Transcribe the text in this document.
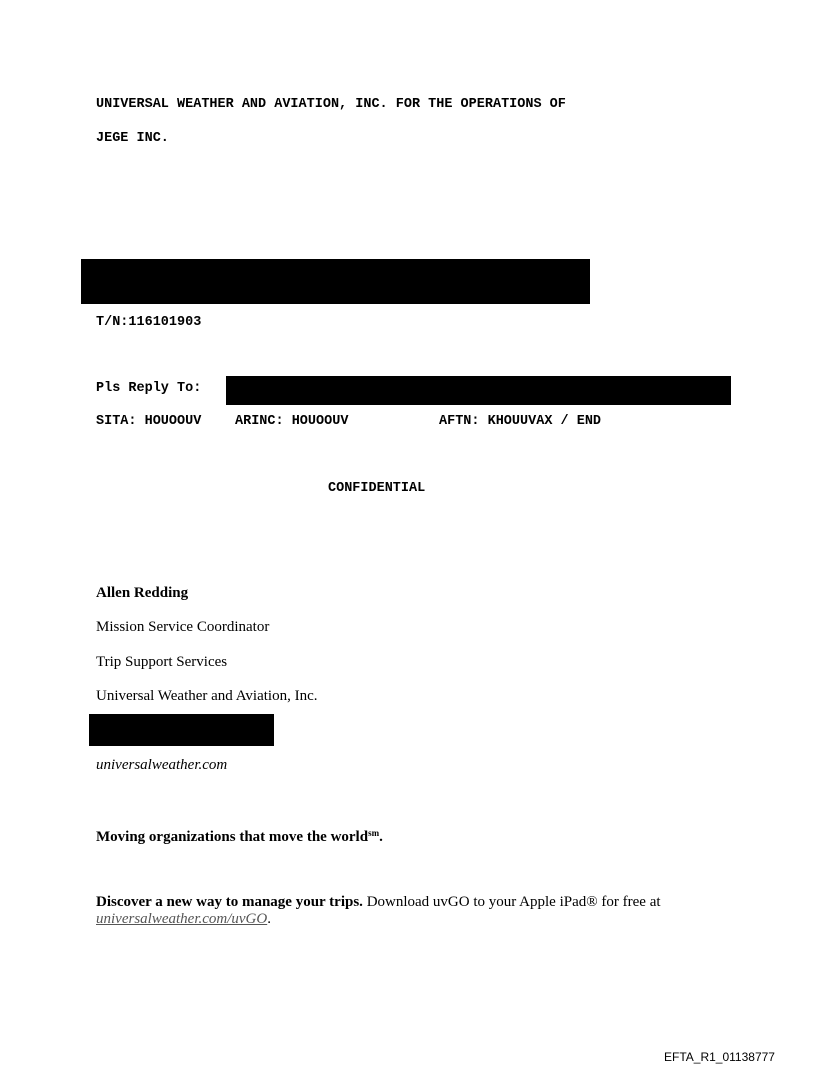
UNIVERSAL WEATHER AND AVIATION, INC. FOR THE OPERATIONS OF
JEGE INC.
T/N:116101903
Pls Reply To:
SITA: HOUOOUV ARINC: HOUOOUV	AFTN: KHOUUVAX / END
CONFIDENTIAL
Allen Redding
Mission Service Coordinator
Trip Support Services
Universal Weather and Aviation, Inc.
universalweather.com
Moving organizations that move the world$^{sm}$.
Discover a new way to manage your trips. Download uvGO to your Apple iPad® for free at
universalweather.com/uvGO.
EFTA_R1_01138777
